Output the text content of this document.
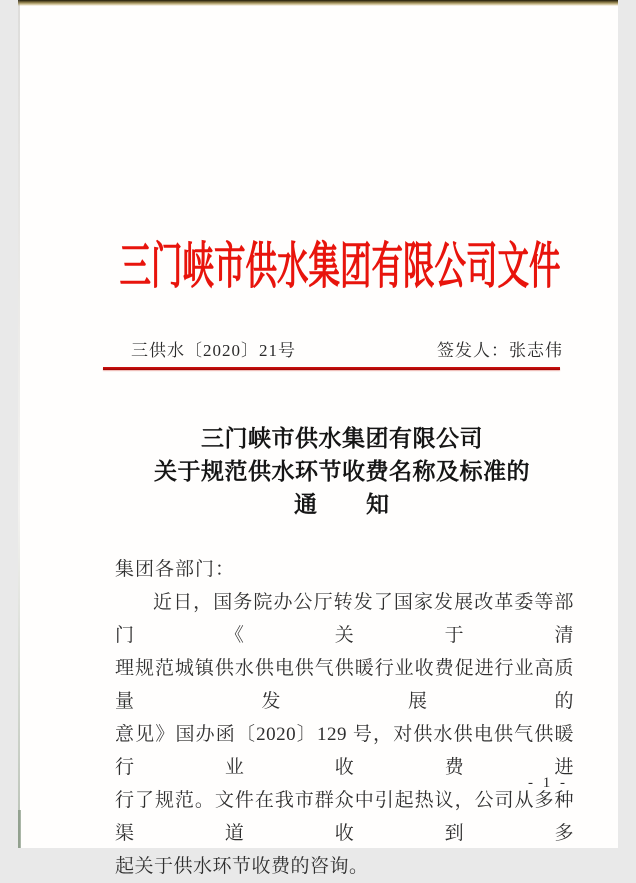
三门峡市供水集团有限公司文件
三供水〔2020〕21号	签发人：张志伟
三门峡市供水集团有限公司
关于规范供水环节收费名称及标准的
通　　知
集团各部门：
近日，国务院办公厅转发了国家发展改革委等部门《关于清
理规范城镇供水供电供气供暖行业收费促进行业高质量发展的
意见》国办函〔2020〕129 号，对供水供电供气供暖行业收费进
行了规范。文件在我市群众中引起热议，公司从多种渠道收到多
起关于供水环节收费的咨询。
- 1 -
